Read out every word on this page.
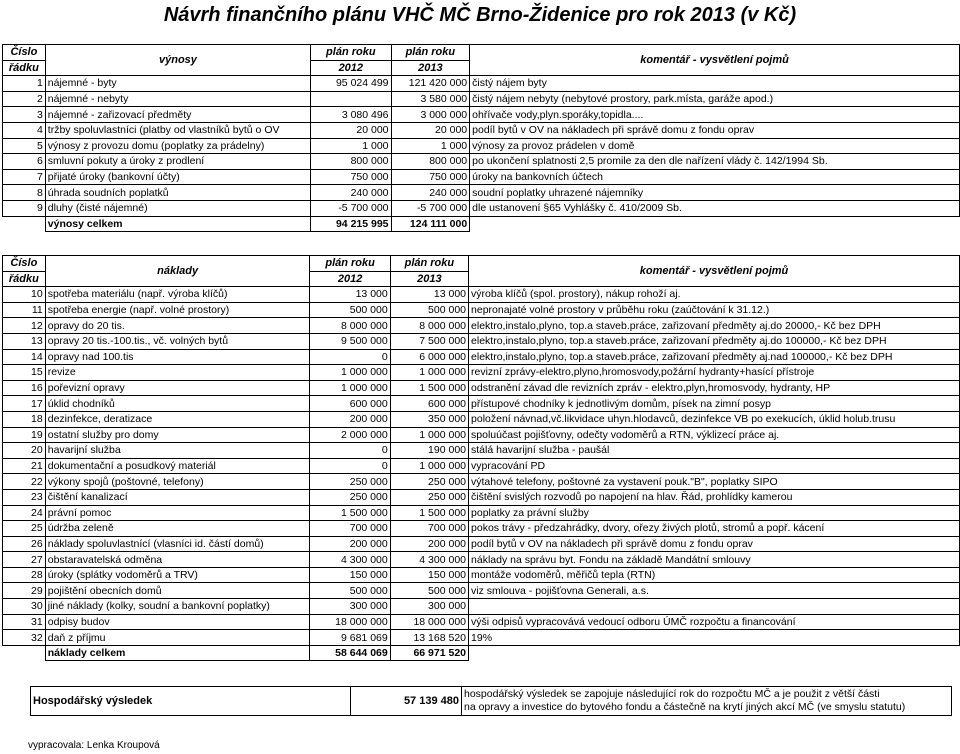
Návrh finančního plánu VHČ MČ Brno-Židenice pro rok 2013 (v Kč)
Číslo	výnosy	plán roku	plán roku	komentář - vysvětlení pojmů
řádku		2012	2013	
1	nájemné - byty	95 024 499	121 420 000	čistý nájem byty
2	nájemné - nebyty		3 580 000	čistý nájem nebyty (nebytové prostory, park.místa, garáže apod.)
3	nájemné - zařizovací předměty	3 080 496	3 000 000	ohřívače vody,plyn.sporáky,topidla....
4	tržby spoluvlastníci (platby od vlastníků bytů o OV	20 000	20 000	podíl bytů v OV na nákladech při správě domu z fondu oprav
5	výnosy z provozu domu (poplatky za prádelny)	1 000	1 000	výnosy za provoz prádelen v domě
6	smluvní pokuty a úroky z prodlení	800 000	800 000	po ukončení splatnosti 2,5 promile za den dle nařízení vlády č. 142/1994 Sb.
7	přijaté úroky (bankovní účty)	750 000	750 000	úroky na bankovních účtech
8	úhrada soudních poplatků	240 000	240 000	soudní poplatky uhrazené nájemníky
9	dluhy (čisté nájemné)	-5 700 000	-5 700 000	dle ustanovení §65 Vyhlášky č. 410/2009 Sb.
	výnosy celkem	94 215 995	124 111 000	
Číslo	náklady	plán roku	plán roku	komentář - vysvětlení pojmů
řádku		2012	2013	
10	spotřeba materiálu (např. výroba klíčů)	13 000	13 000	výroba klíčů (spol. prostory), nákup rohoží aj.
11	spotřeba energie (např. volné prostory)	500 000	500 000	nepronajaté volné prostory v průběhu roku (zaúčtování k 31.12.)
12	opravy do 20 tis.	8 000 000	8 000 000	elektro,instalo,plyno, top.a staveb.práce, zařizovaní předměty aj.do 20000,- Kč bez DPH
13	opravy 20 tis.-100.tis., vč. volných bytů	9 500 000	7 500 000	elektro,instalo,plyno, top.a staveb.práce, zařizovaní předměty aj.do 100000,- Kč bez DPH
14	opravy nad 100.tis	0	6 000 000	elektro,instalo,plyno, top.a staveb.práce, zařizovaní předměty aj.nad 100000,- Kč bez DPH
15	revize	1 000 000	1 000 000	revizní zprávy-elektro,plyno,hromosvody,požární hydranty+hasící přístroje
16	pořevizní opravy	1 000 000	1 500 000	odstranění závad dle revizních zpráv - elektro,plyn,hromosvody, hydranty, HP
17	úklid chodníků	600 000	600 000	přístupové chodníky k jednotlivým domům, písek na zimní posyp
18	dezinfekce, deratizace	200 000	350 000	položení návnad,vč.likvidace uhyn.hlodavců, dezinfekce VB po exekucích, úklid holub.trusu
19	ostatní služby pro domy	2 000 000	1 000 000	spoluúčast pojišťovny, odečty vodoměrů a RTN, výklizecí práce aj.
20	havarijní služba	0	190 000	stálá havarijní služba - paušál
21	dokumentační a posudkový materiál	0	1 000 000	vypracování PD
22	výkony spojů (poštovné, telefony)	250 000	250 000	výtahové telefony, poštovné za vystavení pouk."B", poplatky SIPO
23	čištění kanalizací	250 000	250 000	čištění svislých rozvodů po napojení na hlav. Řád, prohlídky kamerou
24	právní pomoc	1 500 000	1 500 000	poplatky za právní služby
25	údržba zeleně	700 000	700 000	pokos trávy - předzahrádky, dvory, ořezy živých plotů, stromů a popř. kácení
26	náklady spoluvlastnící (vlasníci id. částí domů)	200 000	200 000	podíl bytů v OV na nákladech při správě domu z fondu oprav
27	obstaravatelská odměna	4 300 000	4 300 000	náklady na správu byt. Fondu na základě Mandátní smlouvy
28	úroky (splátky vodoměrů a TRV)	150 000	150 000	montáže vodoměrů, měřičů tepla (RTN)
29	pojištění obecních domů	500 000	500 000	viz smlouva - pojišťovna Generali, a.s.
30	jiné náklady (kolky, soudní a bankovní poplatky)	300 000	300 000	
31	odpisy budov	18 000 000	18 000 000	výši odpisů vypracovává vedoucí odboru ÚMČ rozpočtu a financování
32	daň z příjmu	9 681 069	13 168 520	19%
	náklady celkem	58 644 069	66 971 520	
Hospodářský výsledek	57 139 480	hospodářský výsledek se zapojuje následující rok do rozpočtu MČ a je použit z větší části
na opravy a investice do bytového fondu a částečně na krytí jiných akcí MČ (ve smyslu statutu)
vypracovala: Lenka Kroupová
